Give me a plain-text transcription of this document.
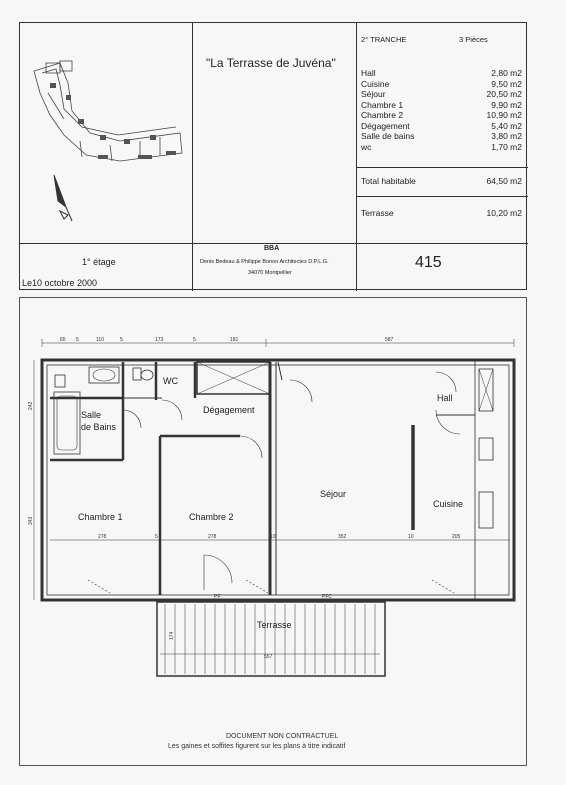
"La Terrasse de Juvéna"
2° TRANCHE	3 Pièces
Hall	2,80 m2
Cuisine	9,50 m2
Séjour	20,50 m2
Chambre 1	9,90 m2
Chambre 2	10,90 m2
Dégagement	5,40 m2
Salle de bains	3,80 m2
wc	1,70 m2
Total habitable	64,50 m2
Terrasse	10,20 m2
1° étage
Le10 octobre 2000
BBA
Denis Bedeau & Philippe Bonon Architectes D.P.L.G.
34070 Montpellier
415
65 5	110	5	173	5	181	587
278	5	278	10	352	10	205
242
343
557
174
PF	PFC
Salle
de Bains
WC
Dégagement
Hall
Séjour
Cuisine
Chambre 1	Chambre 2
Terrasse
DOCUMENT NON CONTRACTUEL
Les gaines et soffites figurent sur les plans à titre indicatif
